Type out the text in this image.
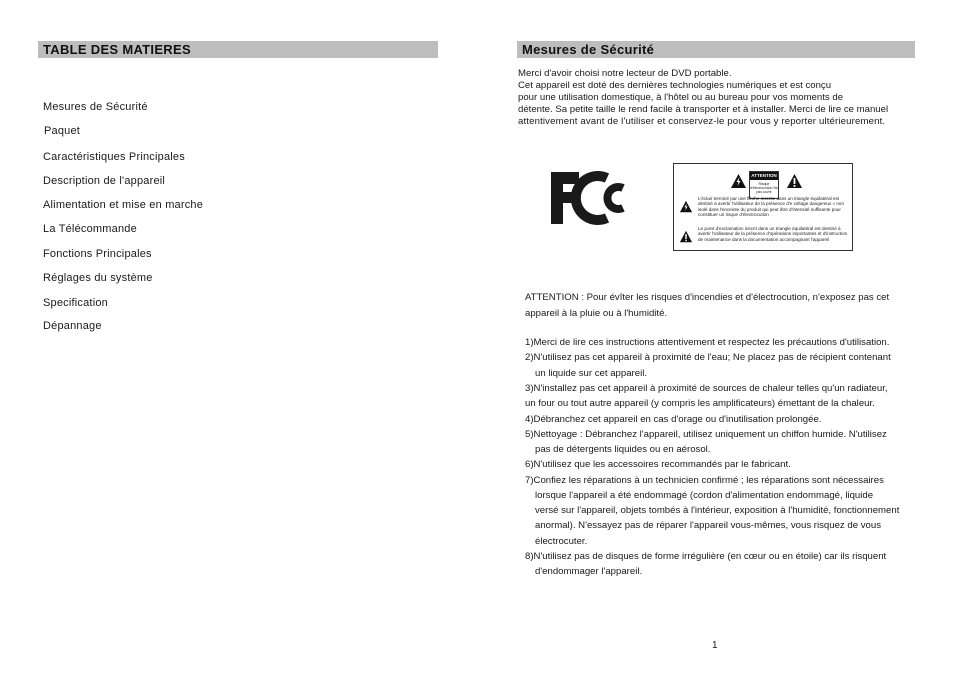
TABLE DES MATIERES
Mesures de Sécurité
Paquet
Caractéristiques Principales
Description de l'appareil
Alimentation et mise en marche
La Télécommande
Fonctions Principales
Réglages du système
Specification
Dépannage
Mesures de Sécurité
Merci d'avoir choisi notre lecteur de DVD portable.
Cet appareil est doté des dernières technologies numériques et est conçu
pour une utilisation domestique, à l'hôtel ou au bureau pour vos moments de
détente. Sa petite taille le rend facile à transporter et à installer. Merci de lire ce manuel
attentivement avant de l'utiliser et conservez-le pour vous y reporter ultérieurement.
ATTENTION
Risque d'électrocution Ne pas ouvrir
L'éclair terminé par une flèche inscrite dans un triangle équilatéral est destiné à avertir l'utilisateur de la présence d'e voltage dangereux « non isolé dans l'enceinte du produit qui peut être d'intensité suffisante pour constituer un risque d'électrocution
Le point d'exclamation inscrit dans un triangle équilatéral est destiné à avertir l'utilisateur de la présence d'opérations importantes et d'instruction de maintenance dans la documentation accompagnant l'appareil
ATTENTION : Pour évîter les risques d'incendies et d'électrocution, n'exposez pas cet
appareil à la pluie ou à l'humidité.
1)Merci de lire ces instructions attentivement et respectez les précautions d'utilisation.
2)N'utilisez pas cet appareil à proximité de l'eau; Ne placez pas de récipient contenant
un liquide sur cet appareil.
3)N'installez pas cet appareil à proximité de sources de chaleur telles qu'un radiateur,
un four ou tout autre appareil (y compris les amplificateurs) émettant de la chaleur.
4)Débranchez cet appareil en cas d'orage ou d'inutilisation prolongée.
5)Nettoyage : Débranchez l'appareil, utilisez uniquement un chiffon humide. N'utilisez
pas de détergents liquides ou en aérosol.
6)N'utilisez que les accessoires recommandés par le fabricant.
7)Confiez les réparations à un technicien confirmé ; les réparations sont nécessaires
lorsque l'appareil a été endommagé (cordon d'alimentation endommagé, liquide
versé sur l'appareil, objets tombés à l'intérieur, exposition à l'humidité, fonctionnement
anormal). N'essayez pas de réparer l'appareil vous-mêmes, vous risquez de vous
électrocuter.
8)N'utilisez pas de disques de forme irrégulière (en cœur ou en étoile) car ils risquent
d'endommager l'appareil.
1
